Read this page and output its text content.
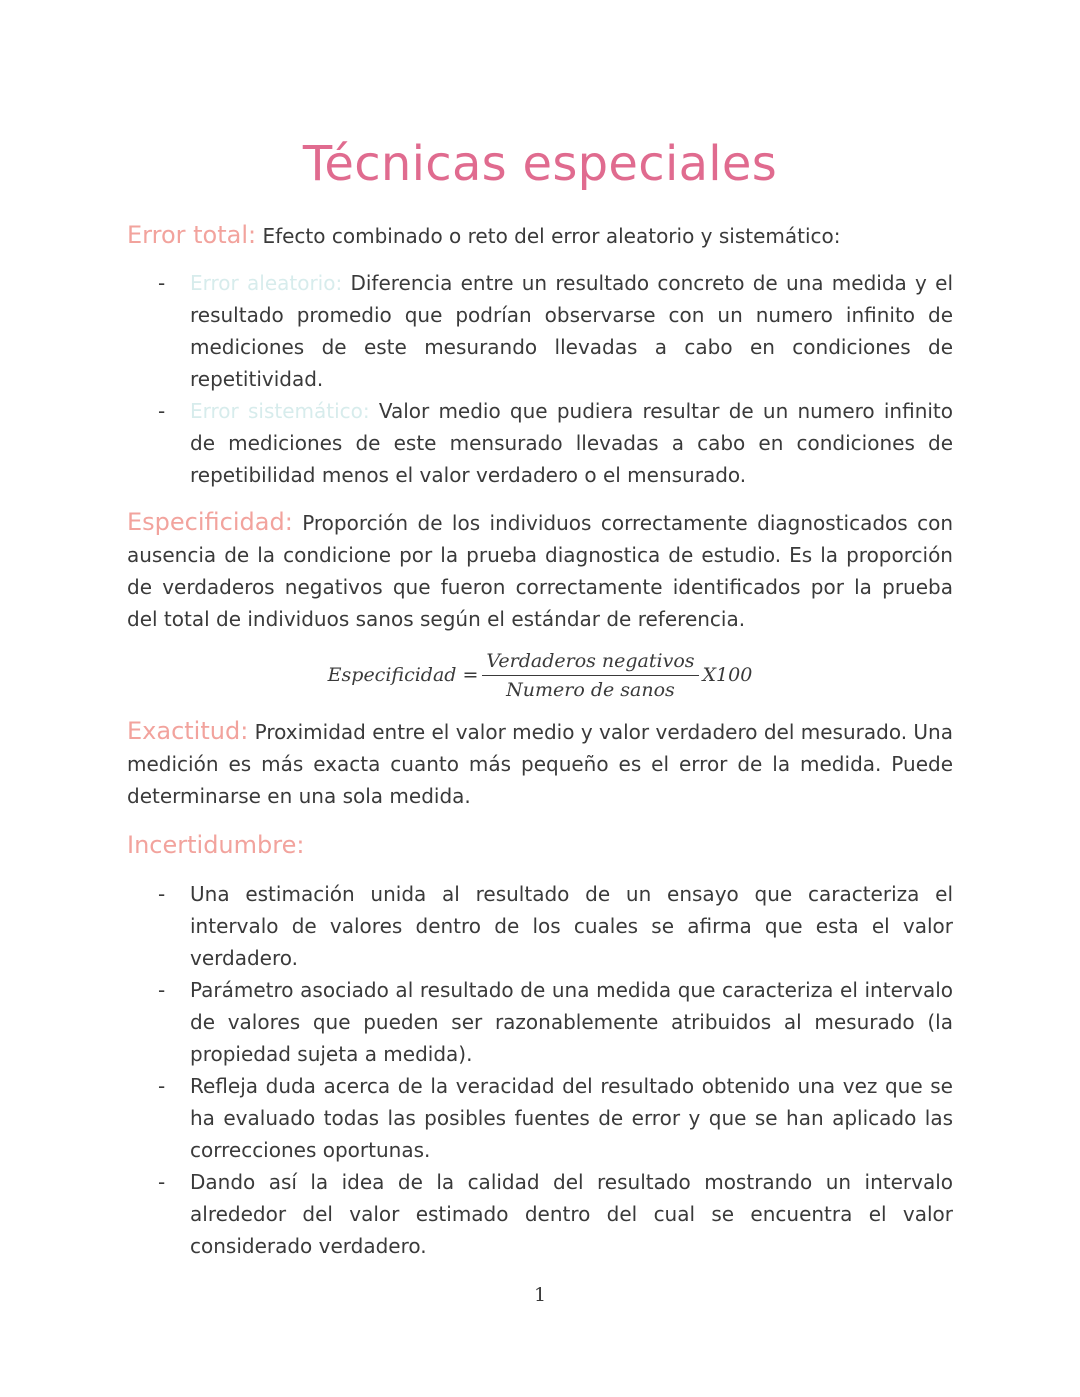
Técnicas especiales

Error total: Efecto combinado o reto del error aleatorio y sistemático:

- Error aleatorio: Diferencia entre un resultado concreto de una medida y el resultado promedio que podrían observarse con un numero infinito de mediciones de este mesurando llevadas a cabo en condiciones de repetitividad.
- Error sistemático: Valor medio que pudiera resultar de un numero infinito de mediciones de este mensurado llevadas a cabo en condiciones de repetibilidad menos el valor verdadero o el mensurado.

Especificidad: Proporción de los individuos correctamente diagnosticados con ausencia de la condicione por la prueba diagnostica de estudio. Es la proporción de verdaderos negativos que fueron correctamente identificados por la prueba del total de individuos sanos según el estándar de referencia.

Especificidad = $\frac{\text{Verdaderos negativos}}{\text{Numero de sanos}} X100$

Exactitud: Proximidad entre el valor medio y valor verdadero del mesurado. Una medición es más exacta cuanto más pequeño es el error de la medida. Puede determinarse en una sola medida.

Incertidumbre:

- Una estimación unida al resultado de un ensayo que caracteriza el intervalo de valores dentro de los cuales se afirma que esta el valor verdadero.
- Parámetro asociado al resultado de una medida que caracteriza el intervalo de valores que pueden ser razonablemente atribuidos al mesurado (la propiedad sujeta a medida).
- Refleja duda acerca de la veracidad del resultado obtenido una vez que se ha evaluado todas las posibles fuentes de error y que se han aplicado las correcciones oportunas.
- Dando así la idea de la calidad del resultado mostrando un intervalo alrededor del valor estimado dentro del cual se encuentra el valor considerado verdadero.
1
